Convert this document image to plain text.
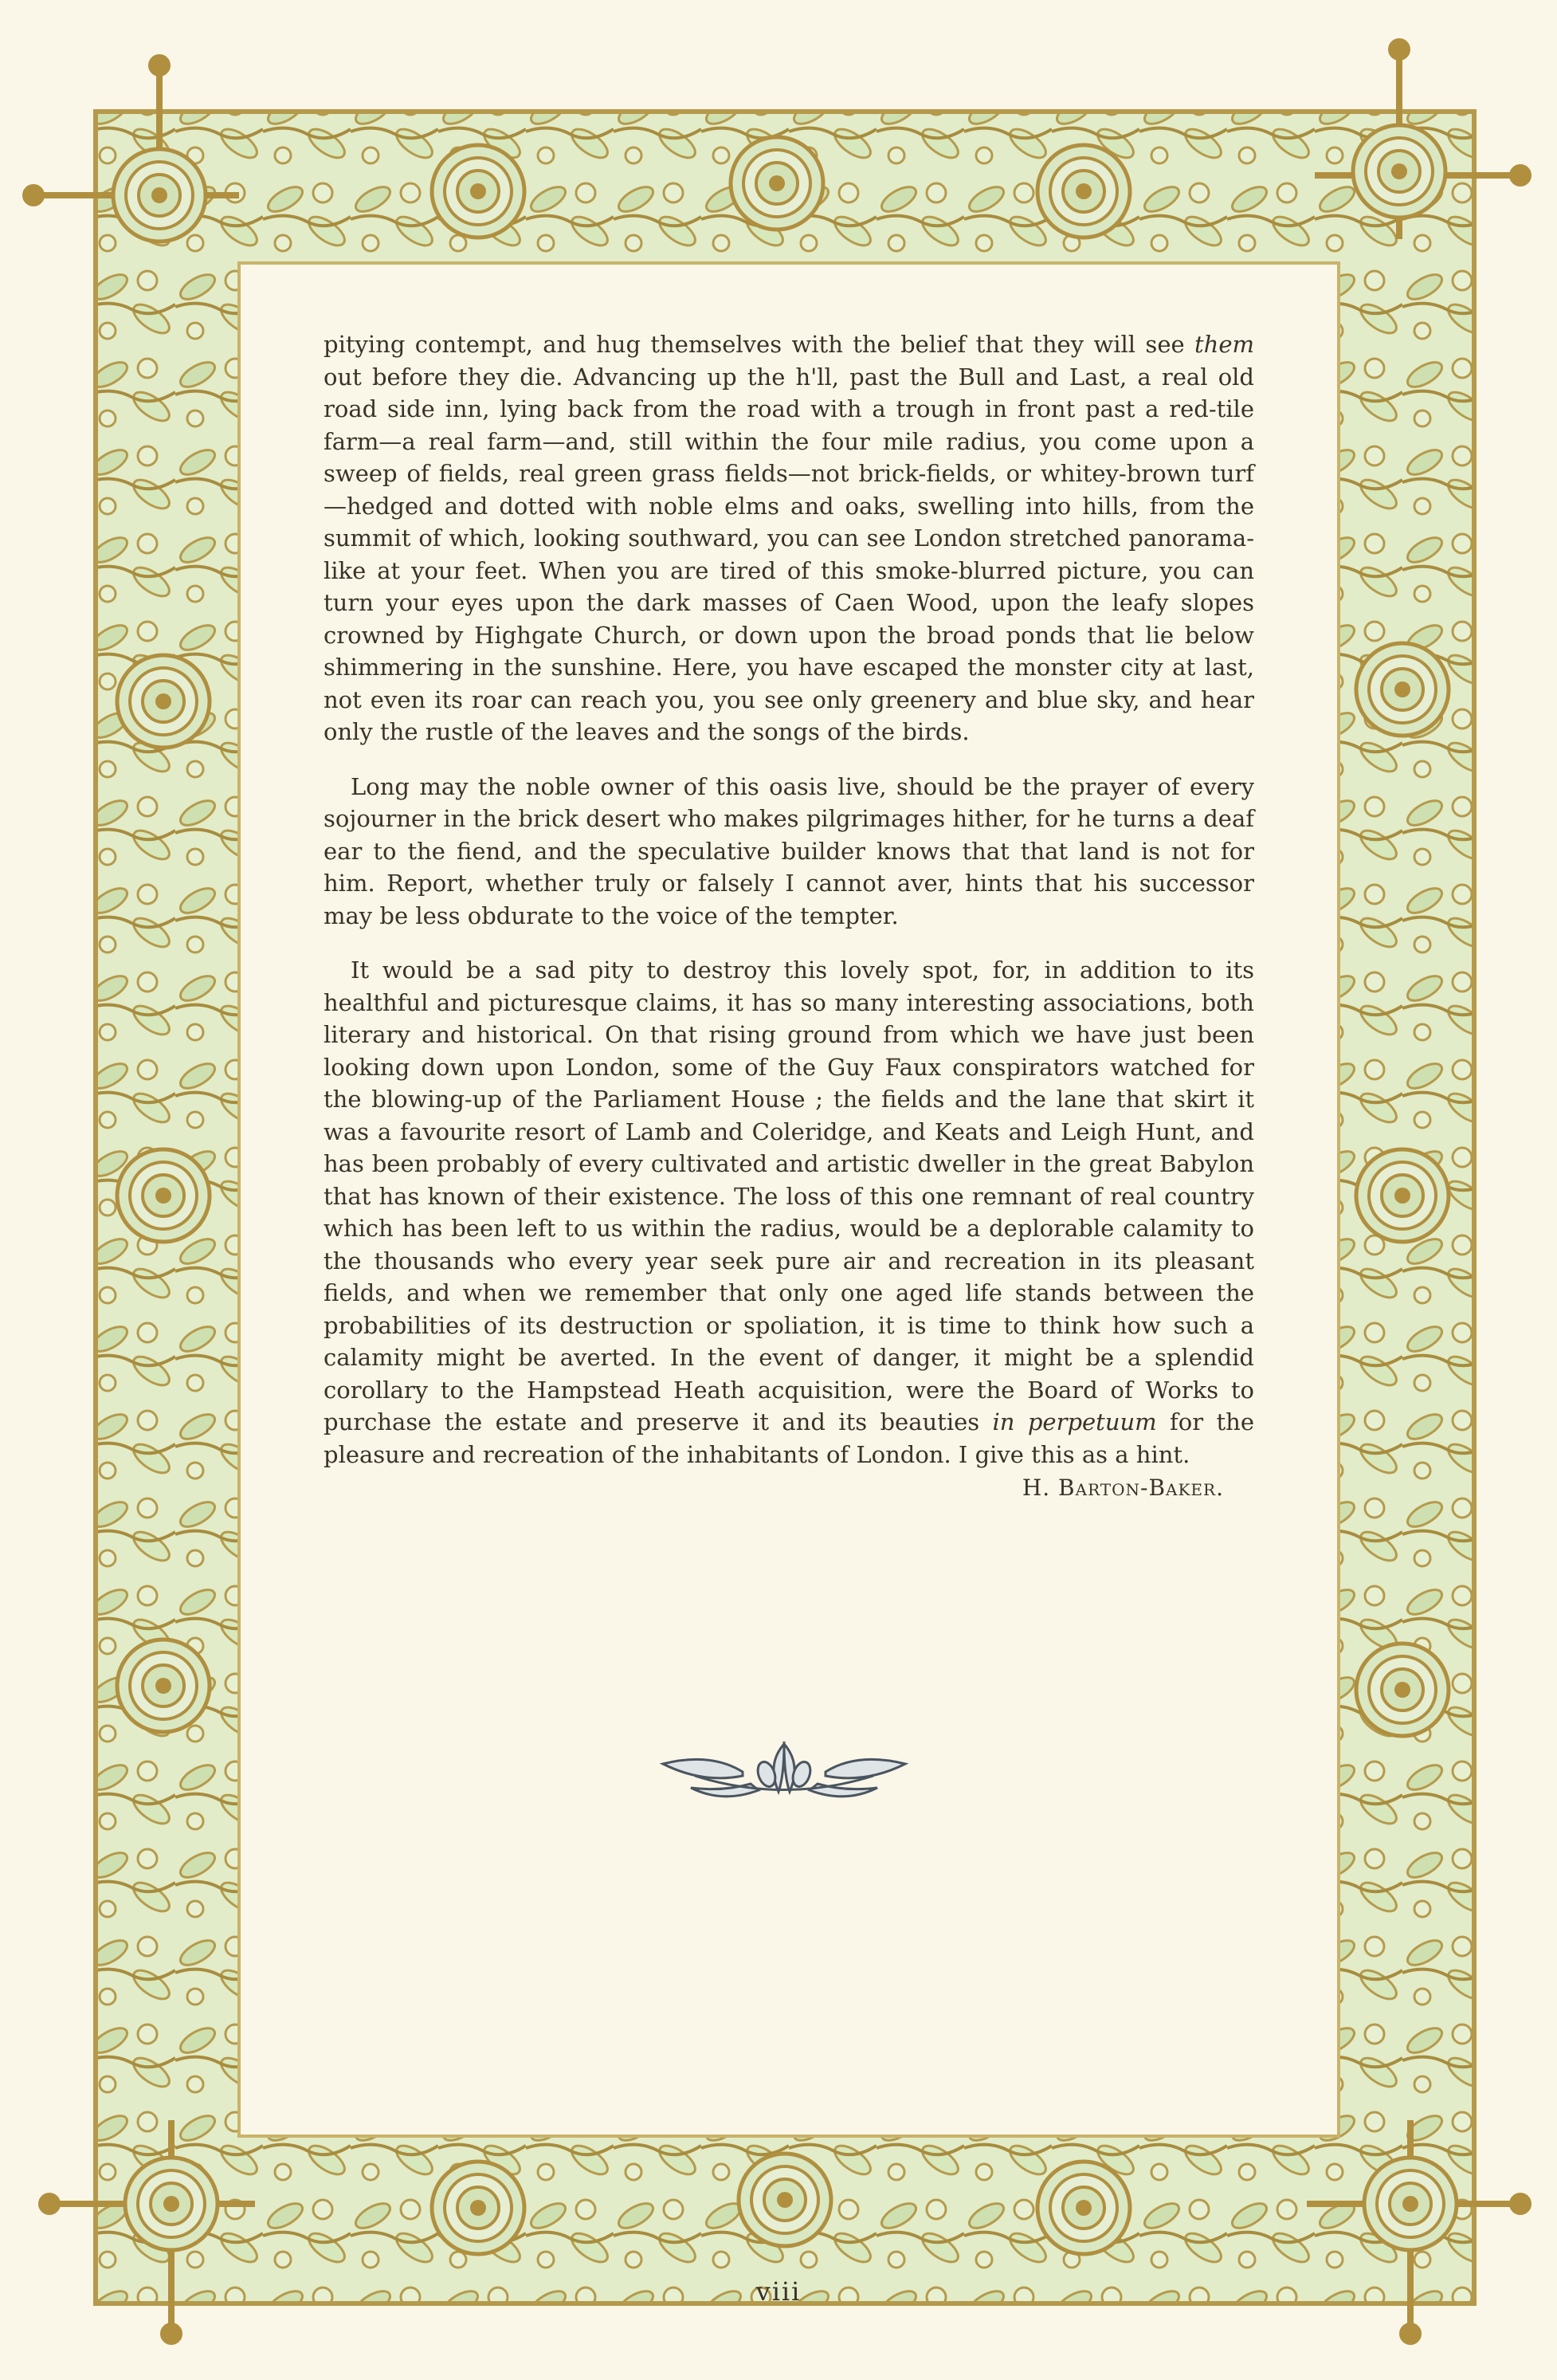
pitying contempt, and hug themselves with the belief that they will see them out before they die. Advancing up the h'll, past the Bull and Last, a real old road side inn, lying back from the road with a trough in front past a red-tile farm—a real farm—and, still within the four mile radius, you come upon a sweep of fields, real green grass fields—not brick-fields, or whitey-brown turf—hedged and dotted with noble elms and oaks, swelling into hills, from the summit of which, looking southward, you can see London stretched panorama-like at your feet. When you are tired of this smoke-blurred picture, you can turn your eyes upon the dark masses of Caen Wood, upon the leafy slopes crowned by Highgate Church, or down upon the broad ponds that lie below shimmering in the sunshine. Here, you have escaped the monster city at last, not even its roar can reach you, you see only greenery and blue sky, and hear only the rustle of the leaves and the songs of the birds.

Long may the noble owner of this oasis live, should be the prayer of every sojourner in the brick desert who makes pilgrimages hither, for he turns a deaf ear to the fiend, and the speculative builder knows that that land is not for him. Report, whether truly or falsely I cannot aver, hints that his successor may be less obdurate to the voice of the tempter.

It would be a sad pity to destroy this lovely spot, for, in addition to its healthful and picturesque claims, it has so many interesting associations, both literary and historical. On that rising ground from which we have just been looking down upon London, some of the Guy Faux conspirators watched for the blowing-up of the Parliament House ; the fields and the lane that skirt it was a favourite resort of Lamb and Coleridge, and Keats and Leigh Hunt, and has been probably of every cultivated and artistic dweller in the great Babylon that has known of their existence. The loss of this one remnant of real country which has been left to us within the radius, would be a deplorable calamity to the thousands who every year seek pure air and recreation in its pleasant fields, and when we remember that only one aged life stands between the probabilities of its destruction or spoliation, it is time to think how such a calamity might be averted. In the event of danger, it might be a splendid corollary to the Hampstead Heath acquisition, were the Board of Works to purchase the estate and preserve it and its beauties in perpetuum for the pleasure and recreation of the inhabitants of London. I give this as a hint.

H. Barton-Baker.
viii
